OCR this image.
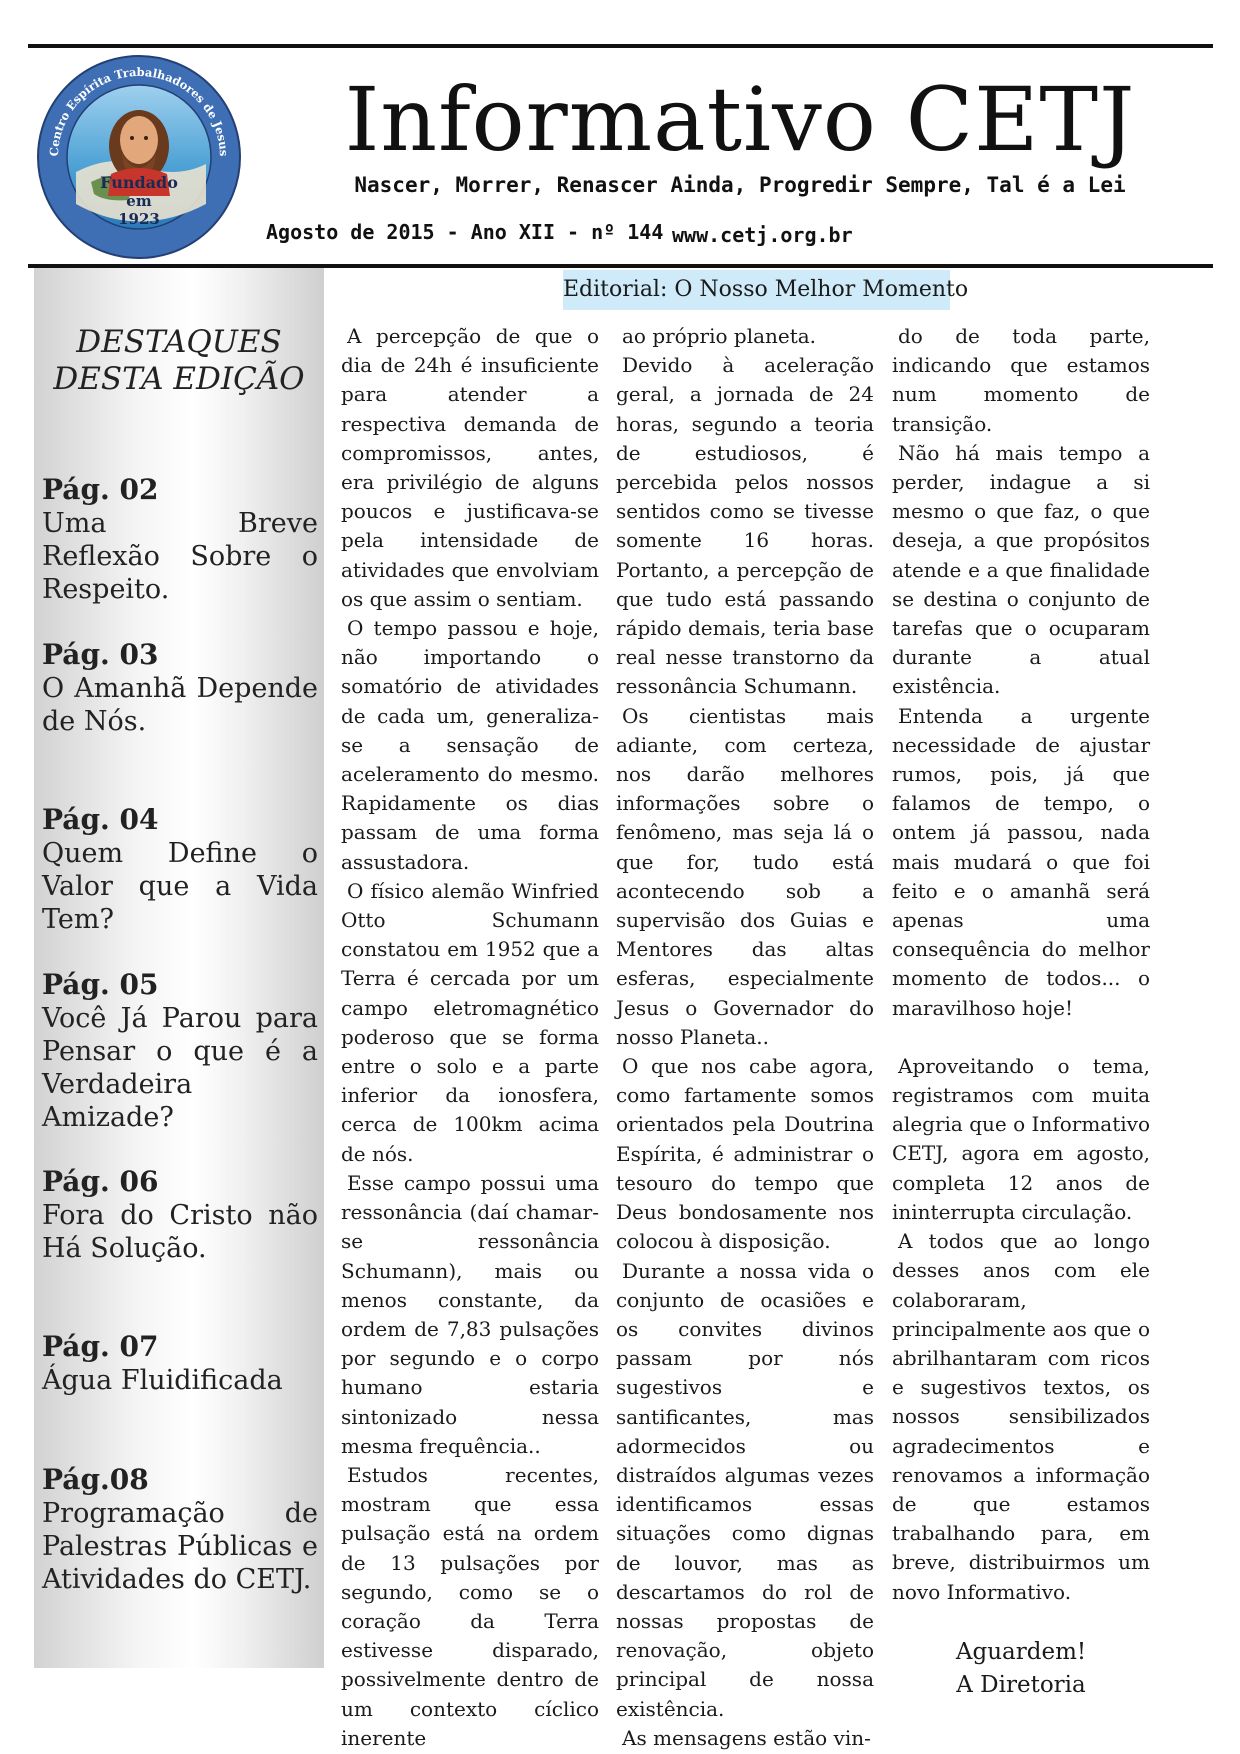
Centro Espírita Trabalhadores de Jesus
Fundado
em
1923
Informativo CETJ
Nascer, Morrer, Renascer Ainda, Progredir Sempre, Tal é a Lei
Agosto de 2015 - Ano XII - nº 144 www.cetj.org.br
DESTAQUES
DESTA EDIÇÃO
Pág. 02
Uma Breve Reflexão Sobre o Respeito.
Pág. 03
O Amanhã Depende de Nós.
Pág. 04
Quem Define o Valor que a Vida Tem?
Pág. 05
Você Já Parou para Pensar o que é a Verdadeira Amizade?
Pág. 06
Fora do Cristo não Há Solução.
Pág. 07
Água Fluidificada
Pág.08
Programação de Palestras Públicas e Atividades do CETJ.
Editorial: O Nosso Melhor Momento

A percepção de que o dia de 24h é insuficiente para atender a respectiva demanda de compromissos, antes, era privilégio de alguns poucos e justificava-se pela intensidade de atividades que envolviam os que assim o sentiam.

O tempo passou e hoje, não importando o somatório de atividades de cada um, generaliza-se a sensação de aceleramento do mesmo. Rapidamente os dias passam de uma forma assustadora.

O físico alemão Winfried Otto Schumann constatou em 1952 que a Terra é cercada por um campo eletromagnético poderoso que se forma entre o solo e a parte inferior da ionosfera, cerca de 100km acima de nós.

Esse campo possui uma ressonância (daí chamar-se ressonância Schumann), mais ou menos constante, da ordem de 7,83 pulsações por segundo e o corpo humano estaria sintonizado nessa mesma frequência..

Estudos recentes, mostram que essa pulsação está na ordem de 13 pulsações por segundo, como se o coração da Terra estivesse disparado, possivelmente dentro de um contexto cíclico inerente

ao próprio planeta.

Devido à aceleração geral, a jornada de 24 horas, segundo a teoria de estudiosos, é percebida pelos nossos sentidos como se tivesse somente 16 horas. Portanto, a percepção de que tudo está passando rápido demais, teria base real nesse transtorno da ressonância Schumann.

Os cientistas mais adiante, com certeza, nos darão melhores informações sobre o fenômeno, mas seja lá o que for, tudo está acontecendo sob a supervisão dos Guias e Mentores das altas esferas, especialmente Jesus o Governador do nosso Planeta..

O que nos cabe agora, como fartamente somos orientados pela Doutrina Espírita, é administrar o tesouro do tempo que Deus bondosamente nos colocou à disposição.

Durante a nossa vida o conjunto de ocasiões e os convites divinos passam por nós sugestivos e santificantes, mas adormecidos ou distraídos algumas vezes identificamos essas situações como dignas de louvor, mas as descartamos do rol de nossas propostas de renovação, objeto principal de nossa existência.

As mensagens estão vin-

do de toda parte, indicando que estamos num momento de transição.

Não há mais tempo a perder, indague a si mesmo o que faz, o que deseja, a que propósitos atende e a que finalidade se destina o conjunto de tarefas que o ocuparam durante a atual existência.

Entenda a urgente necessidade de ajustar rumos, pois, já que falamos de tempo, o ontem já passou, nada mais mudará o que foi feito e o amanhã será apenas uma consequência do melhor momento de todos... o maravilhoso hoje!

Aproveitando o tema, registramos com muita alegria que o Informativo CETJ, agora em agosto, completa 12 anos de ininterrupta circulação.

A todos que ao longo desses anos com ele colaboraram, principalmente aos que o abrilhantaram com ricos e sugestivos textos, os nossos sensibilizados agradecimentos e renovamos a informação de que estamos trabalhando para, em breve, distribuirmos um novo Informativo.

Aguardem!

A Diretoria
